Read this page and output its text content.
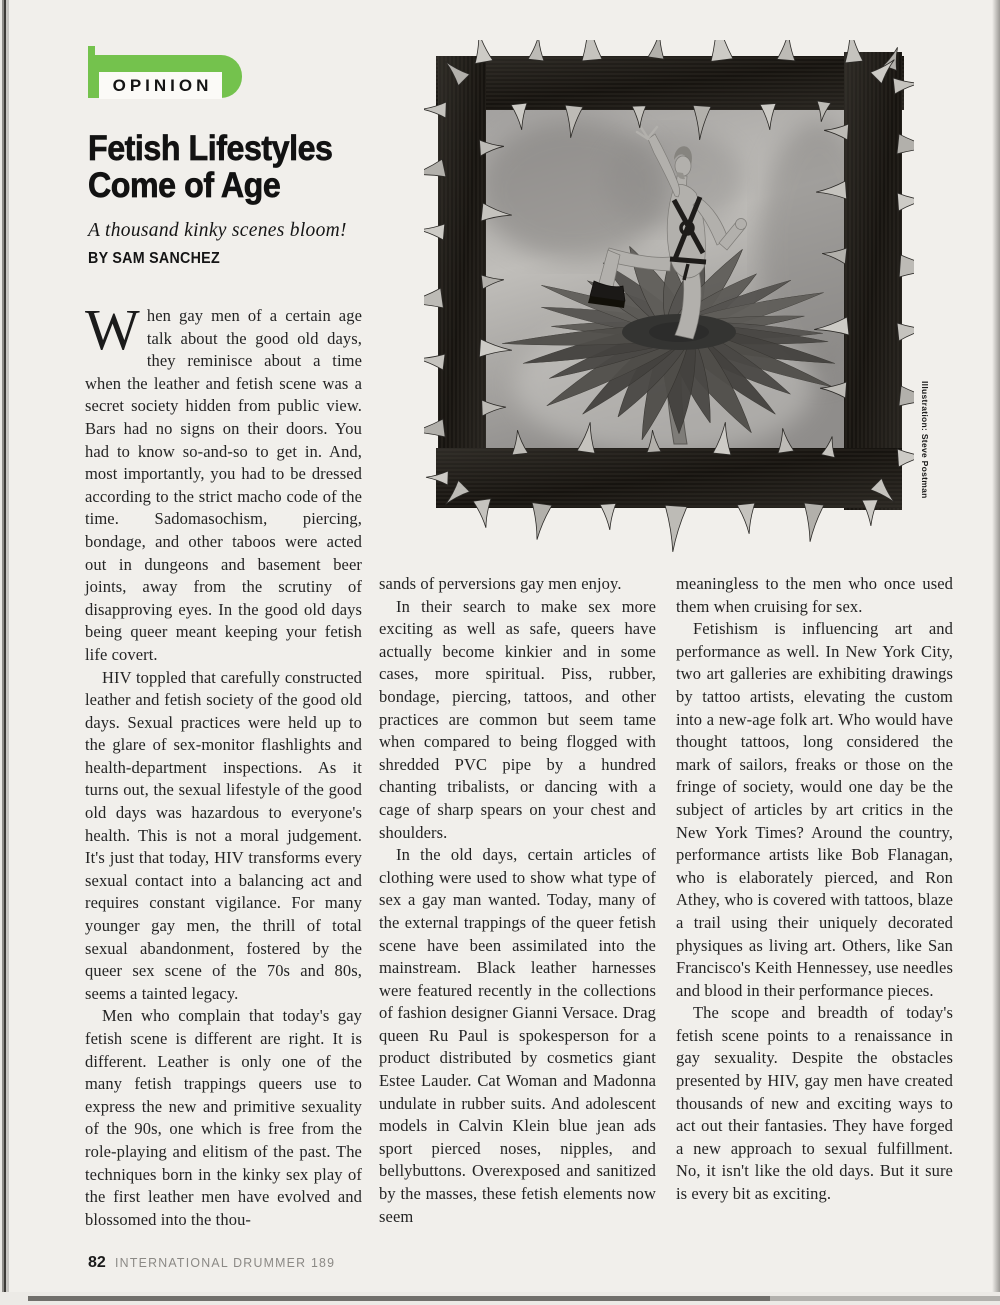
OPINION
Fetish Lifestyles
Come of Age
A thousand kinky scenes bloom!
BY SAM SANCHEZ
Illustration: Steve Postman

When gay men of a certain age talk about the good old days, they reminisce about a time when the leather and fetish scene was a secret society hidden from public view. Bars had no signs on their doors. You had to know so-and-so to get in. And, most importantly, you had to be dressed according to the strict macho code of the time. Sadomasochism, piercing, bondage, and other taboos were acted out in dungeons and basement beer joints, away from the scrutiny of disapproving eyes. In the good old days being queer meant keeping your fetish life covert.

HIV toppled that carefully constructed leather and fetish society of the good old days. Sexual practices were held up to the glare of sex-monitor flashlights and health-department inspections. As it turns out, the sexual lifestyle of the good old days was hazardous to everyone's health. This is not a moral judgement. It's just that today, HIV transforms every sexual contact into a balancing act and requires constant vigilance. For many younger gay men, the thrill of total sexual abandonment, fostered by the queer sex scene of the 70s and 80s, seems a tainted legacy.

Men who complain that today's gay fetish scene is different are right. It is different. Leather is only one of the many fetish trappings queers use to express the new and primitive sexuality of the 90s, one which is free from the role-playing and elitism of the past. The techniques born in the kinky sex play of the first leather men have evolved and blossomed into the thou-

sands of perversions gay men enjoy.

In their search to make sex more exciting as well as safe, queers have actually become kinkier and in some cases, more spiritual. Piss, rubber, bondage, piercing, tattoos, and other practices are common but seem tame when compared to being flogged with shredded PVC pipe by a hundred chanting tribalists, or dancing with a cage of sharp spears on your chest and shoulders.

In the old days, certain articles of clothing were used to show what type of sex a gay man wanted. Today, many of the external trappings of the queer fetish scene have been assimilated into the mainstream. Black leather harnesses were featured recently in the collections of fashion designer Gianni Versace. Drag queen Ru Paul is spokesperson for a product distributed by cosmetics giant Estee Lauder. Cat Woman and Madonna undulate in rubber suits. And adolescent models in Calvin Klein blue jean ads sport pierced noses, nipples, and bellybuttons. Overexposed and sanitized by the masses, these fetish elements now seem

meaningless to the men who once used them when cruising for sex.

Fetishism is influencing art and performance as well. In New York City, two art galleries are exhibiting drawings by tattoo artists, elevating the custom into a new-age folk art. Who would have thought tattoos, long considered the mark of sailors, freaks or those on the fringe of society, would one day be the subject of articles by art critics in the New York Times? Around the country, performance artists like Bob Flanagan, who is elaborately pierced, and Ron Athey, who is covered with tattoos, blaze a trail using their uniquely decorated physiques as living art. Others, like San Francisco's Keith Hennessey, use needles and blood in their performance pieces.

The scope and breadth of today's fetish scene points to a renaissance in gay sexuality. Despite the obstacles presented by HIV, gay men have created thousands of new and exciting ways to act out their fantasies. They have forged a new approach to sexual fulfillment. No, it isn't like the old days. But it sure is every bit as exciting.

82 INTERNATIONAL DRUMMER 189
